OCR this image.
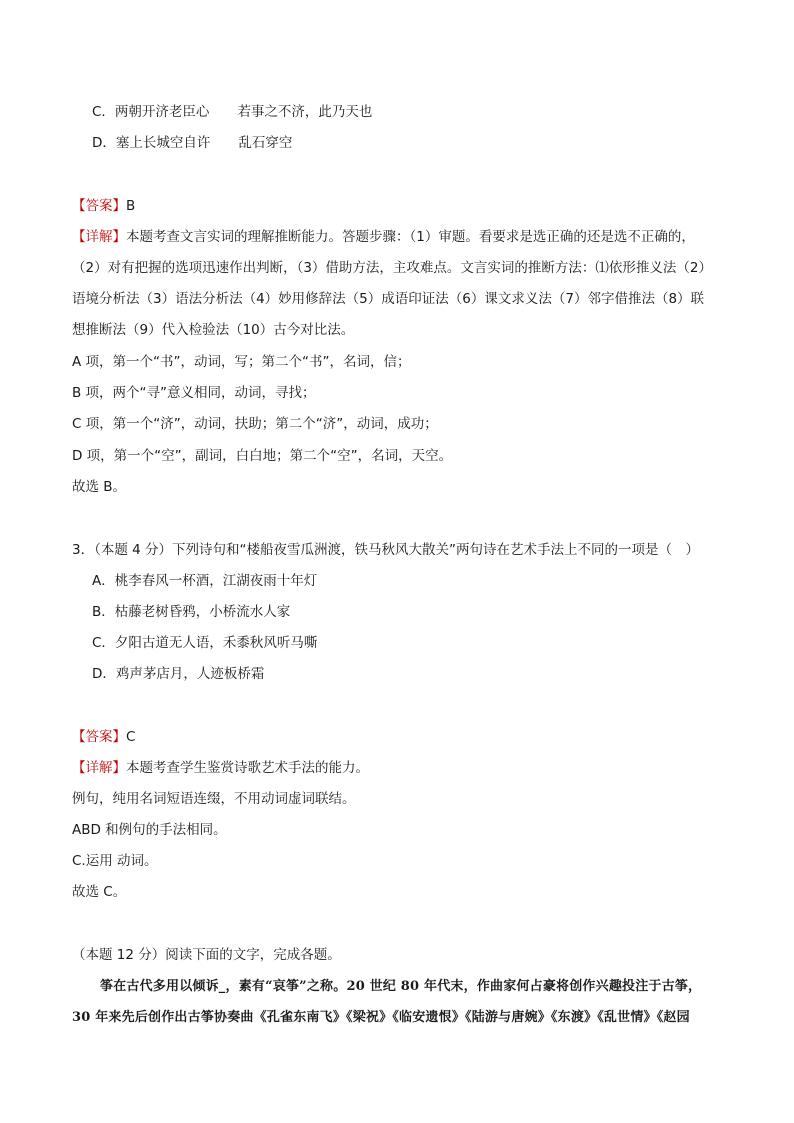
C．两朝开济老臣心 若事之不济，此乃天也
D．塞上长城空自许 乱石穿空
【答案】B
【详解】本题考查文言实词的理解推断能力。答题步骤：（1）审题。看要求是选正确的还是选不正确的，
（2）对有把握的选项迅速作出判断，（3）借助方法，主攻难点。文言实词的推断方法：⑴依形推义法（2）
语境分析法（3）语法分析法（4）妙用修辞法（5）成语印证法（6）课文求义法（7）邻字借推法（8）联
想推断法（9）代入检验法（10）古今对比法。
A 项，第一个“书”，动词，写；第二个“书”，名词，信；
B 项，两个“寻”意义相同，动词，寻找；
C 项，第一个“济”，动词，扶助；第二个“济”，动词，成功；
D 项，第一个“空”，副词，白白地；第二个“空”，名词，天空。
故选 B。
3．（本题 4 分）下列诗句和“楼船夜雪瓜洲渡，铁马秋风大散关”两句诗在艺术手法上不同的一项是（　）
A．桃李春风一杯酒，江湖夜雨十年灯
B．枯藤老树昏鸦，小桥流水人家
C．夕阳古道无人语，禾黍秋风听马嘶
D．鸡声茅店月，人迹板桥霜
【答案】C
【详解】本题考查学生鉴赏诗歌艺术手法的能力。
例句，纯用名词短语连缀，不用动词虚词联结。
ABD 和例句的手法相同。
C.运用 动词。
故选 C。
（本题 12 分）阅读下面的文字，完成各题。
筝在古代多用以倾诉_，素有“哀筝”之称。20 世纪 80 年代末，作曲家何占豪将创作兴趣投注于古筝，
30 年来先后创作出古筝协奏曲《孔雀东南飞》《梁祝》《临安遗恨》《陆游与唐婉》《东渡》《乱世情》《赵园
